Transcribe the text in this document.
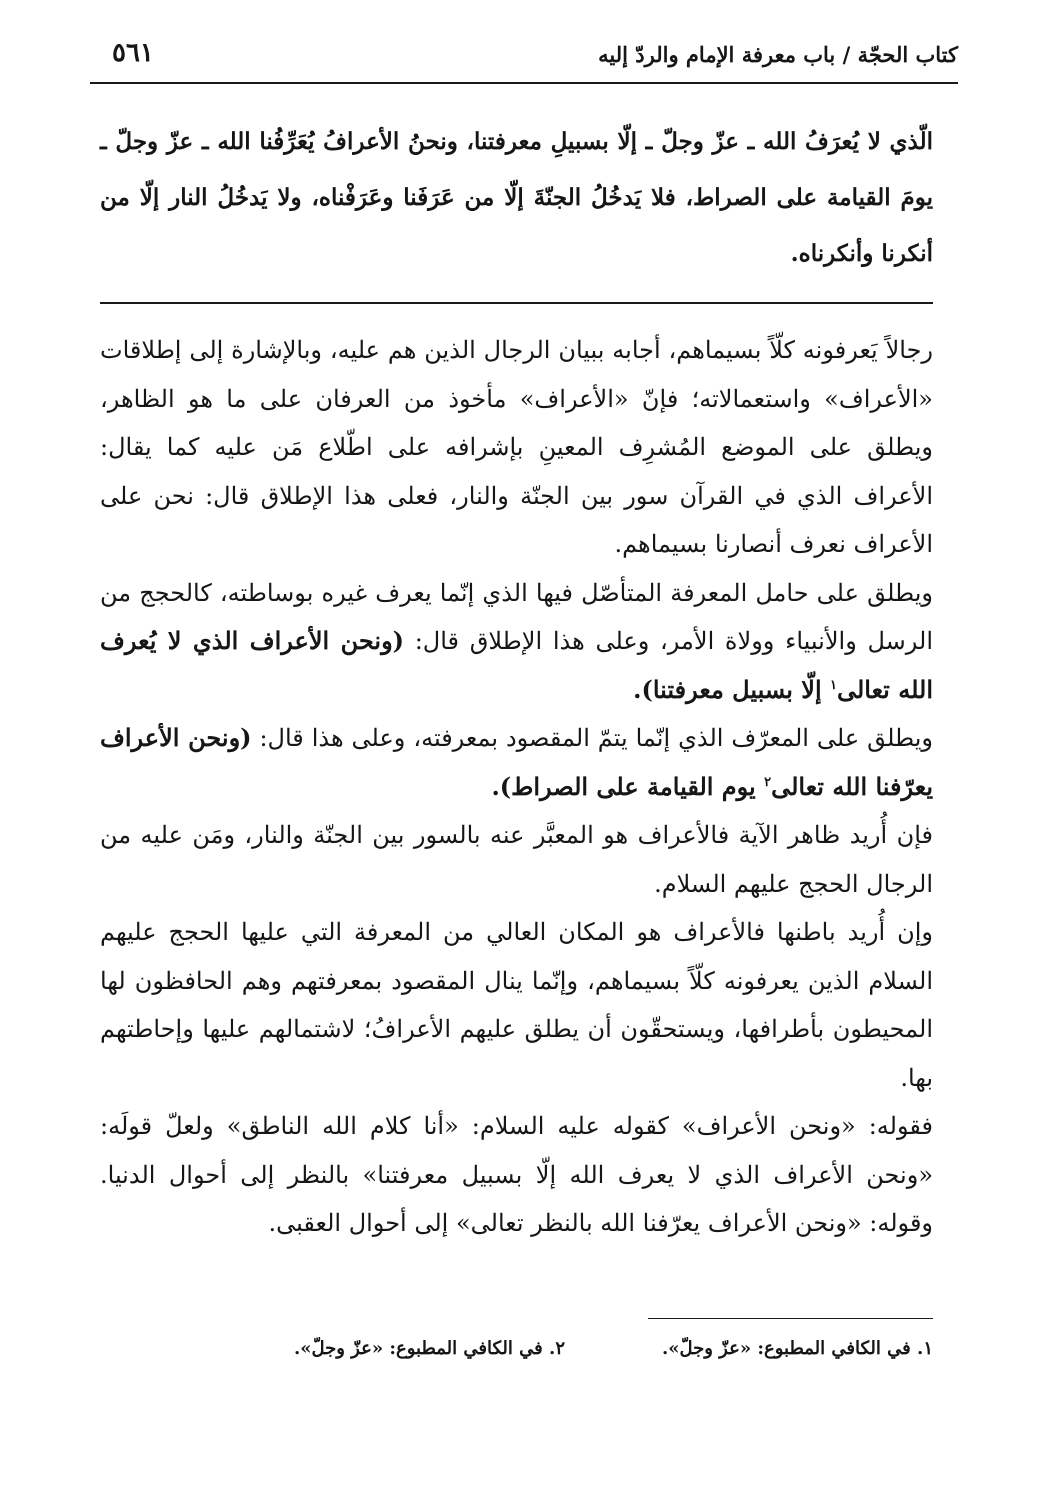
كتاب الحجّة / باب معرفة الإمام والردّ إليه
٥٦١
الّذي لا يُعرَفُ الله ـ عزّ وجلّ ـ إلّا بسبيلِ معرفتنا، ونحنُ الأعرافُ يُعَرِّفُنا الله ـ عزّ وجلّ ـ يومَ القيامة على الصراط، فلا يَدخُلُ الجنّةَ إلّا من عَرَفَنا وعَرَفْناه، ولا يَدخُلُ النار إلّا من أنكرنا وأنكرناه.

رجالاً يَعرفونه كلّاً بسيماهم، أجابه ببيان الرجال الذين هم عليه، وبالإشارة إلى إطلاقات «الأعراف» واستعمالاته؛ فإنّ «الأعراف» مأخوذ من العرفان على ما هو الظاهر، ويطلق على الموضع المُشرِف المعينِ بإشرافه على اطّلاع مَن عليه كما يقال: الأعراف الذي في القرآن سور بين الجنّة والنار، فعلى هذا الإطلاق قال: نحن على الأعراف نعرف أنصارنا بسيماهم.

ويطلق على حامل المعرفة المتأصّل فيها الذي إنّما يعرف غيره بوساطته، كالحجج من الرسل والأنبياء وولاة الأمر، وعلى هذا الإطلاق قال: (ونحن الأعراف الذي لا يُعرف الله تعالى$^١$ إلّا بسبيل معرفتنا).

ويطلق على المعرّف الذي إنّما يتمّ المقصود بمعرفته، وعلى هذا قال: (ونحن الأعراف يعرّفنا الله تعالى$^٢$ يوم القيامة على الصراط).

فإن أُريد ظاهر الآية فالأعراف هو المعبَّر عنه بالسور بين الجنّة والنار، ومَن عليه من الرجال الحجج عليهم السلام.

وإن أُريد باطنها فالأعراف هو المكان العالي من المعرفة التي عليها الحجج عليهم السلام الذين يعرفونه كلّاً بسيماهم، وإنّما ينال المقصود بمعرفتهم وهم الحافظون لها المحيطون بأطرافها، ويستحقّون أن يطلق عليهم الأعرافُ؛ لاشتمالهم عليها وإحاطتهم بها.

فقوله: «ونحن الأعراف» كقوله عليه السلام: «أنا كلام الله الناطق» ولعلّ قولَه: «ونحن الأعراف الذي لا يعرف الله إلّا بسبيل معرفتنا» بالنظر إلى أحوال الدنيا. وقوله: «ونحن الأعراف يعرّفنا الله بالنظر تعالى» إلى أحوال العقبى.

١. في الكافي المطبوع: «عزّ وجلّ».
٢. في الكافي المطبوع: «عزّ وجلّ».
